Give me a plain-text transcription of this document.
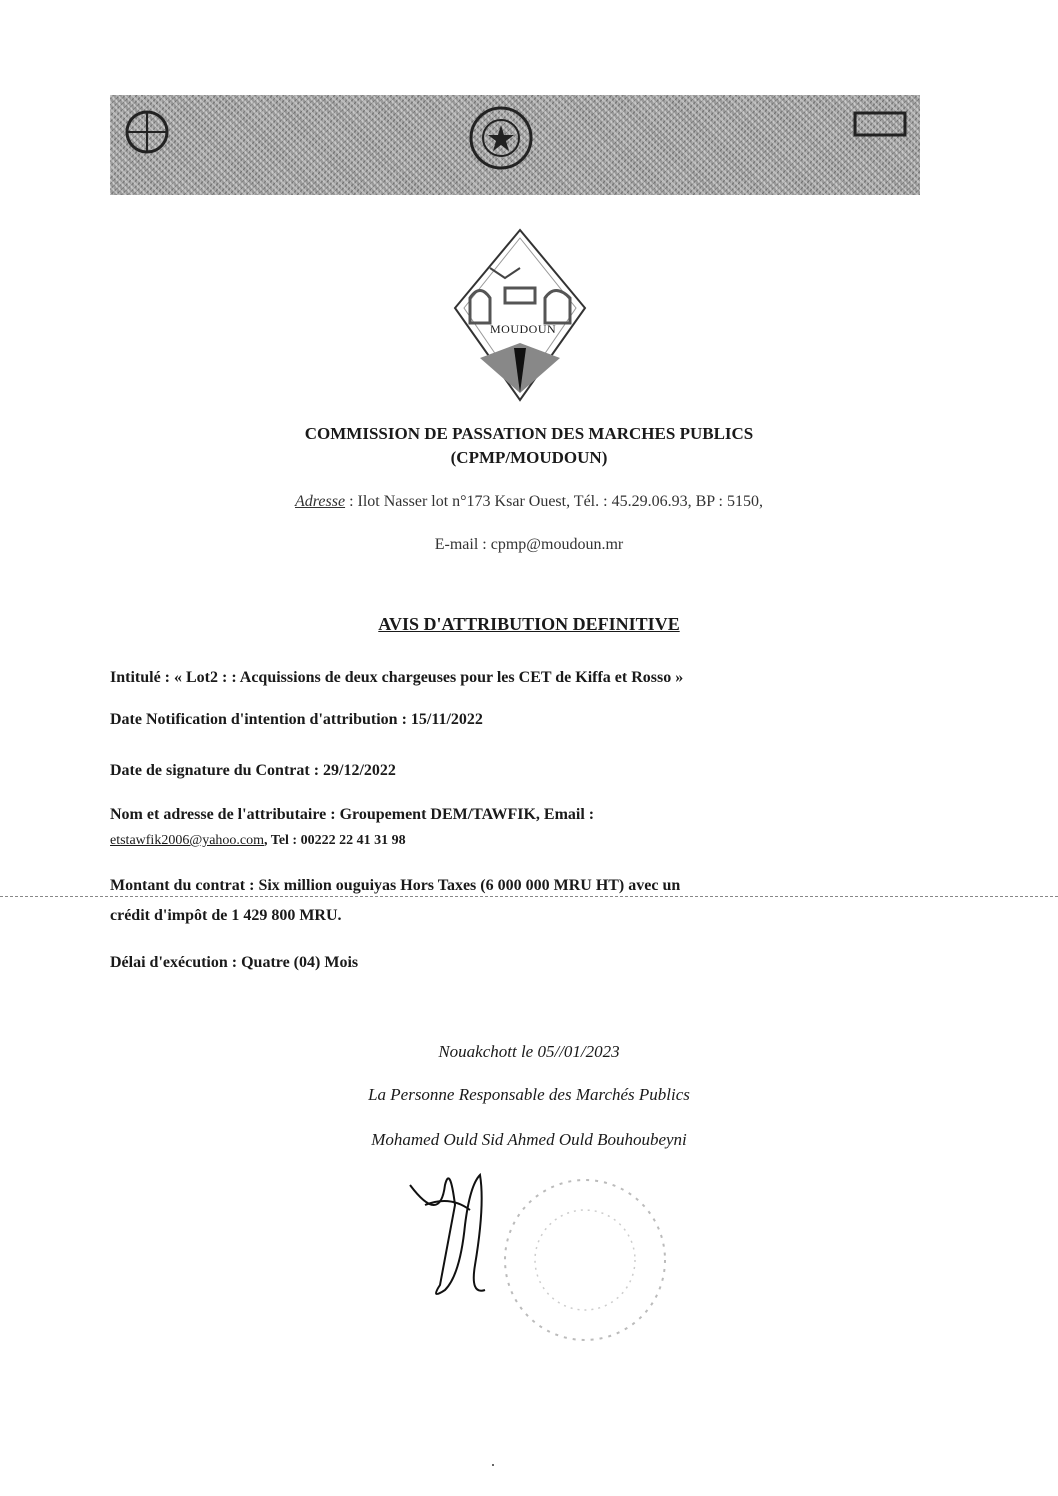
MOUDOUN
COMMISSION DE PASSATION DES MARCHES PUBLICS
(CPMP/MOUDOUN)
Adresse : Ilot Nasser lot n°173 Ksar Ouest, Tél. : 45.29.06.93, BP : 5150,
E-mail : cpmp@moudoun.mr
AVIS D'ATTRIBUTION DEFINITIVE
Intitulé : « Lot2 : : Acquissions de deux chargeuses pour les CET de Kiffa et Rosso »
Date Notification d'intention d'attribution : 15/11/2022
Date de signature du Contrat : 29/12/2022
Nom et adresse de l'attributaire : Groupement DEM/TAWFIK, Email :
etstawfik2006@yahoo.com, Tel : 00222 22 41 31 98
Montant du contrat : Six million ouguiyas Hors Taxes (6 000 000 MRU HT) avec un
crédit d'impôt de 1 429 800 MRU.
Délai d'exécution : Quatre (04) Mois
Nouakchott le 05//01/2023
La Personne Responsable des Marchés Publics
Mohamed Ould Sid Ahmed Ould Bouhoubeyni
